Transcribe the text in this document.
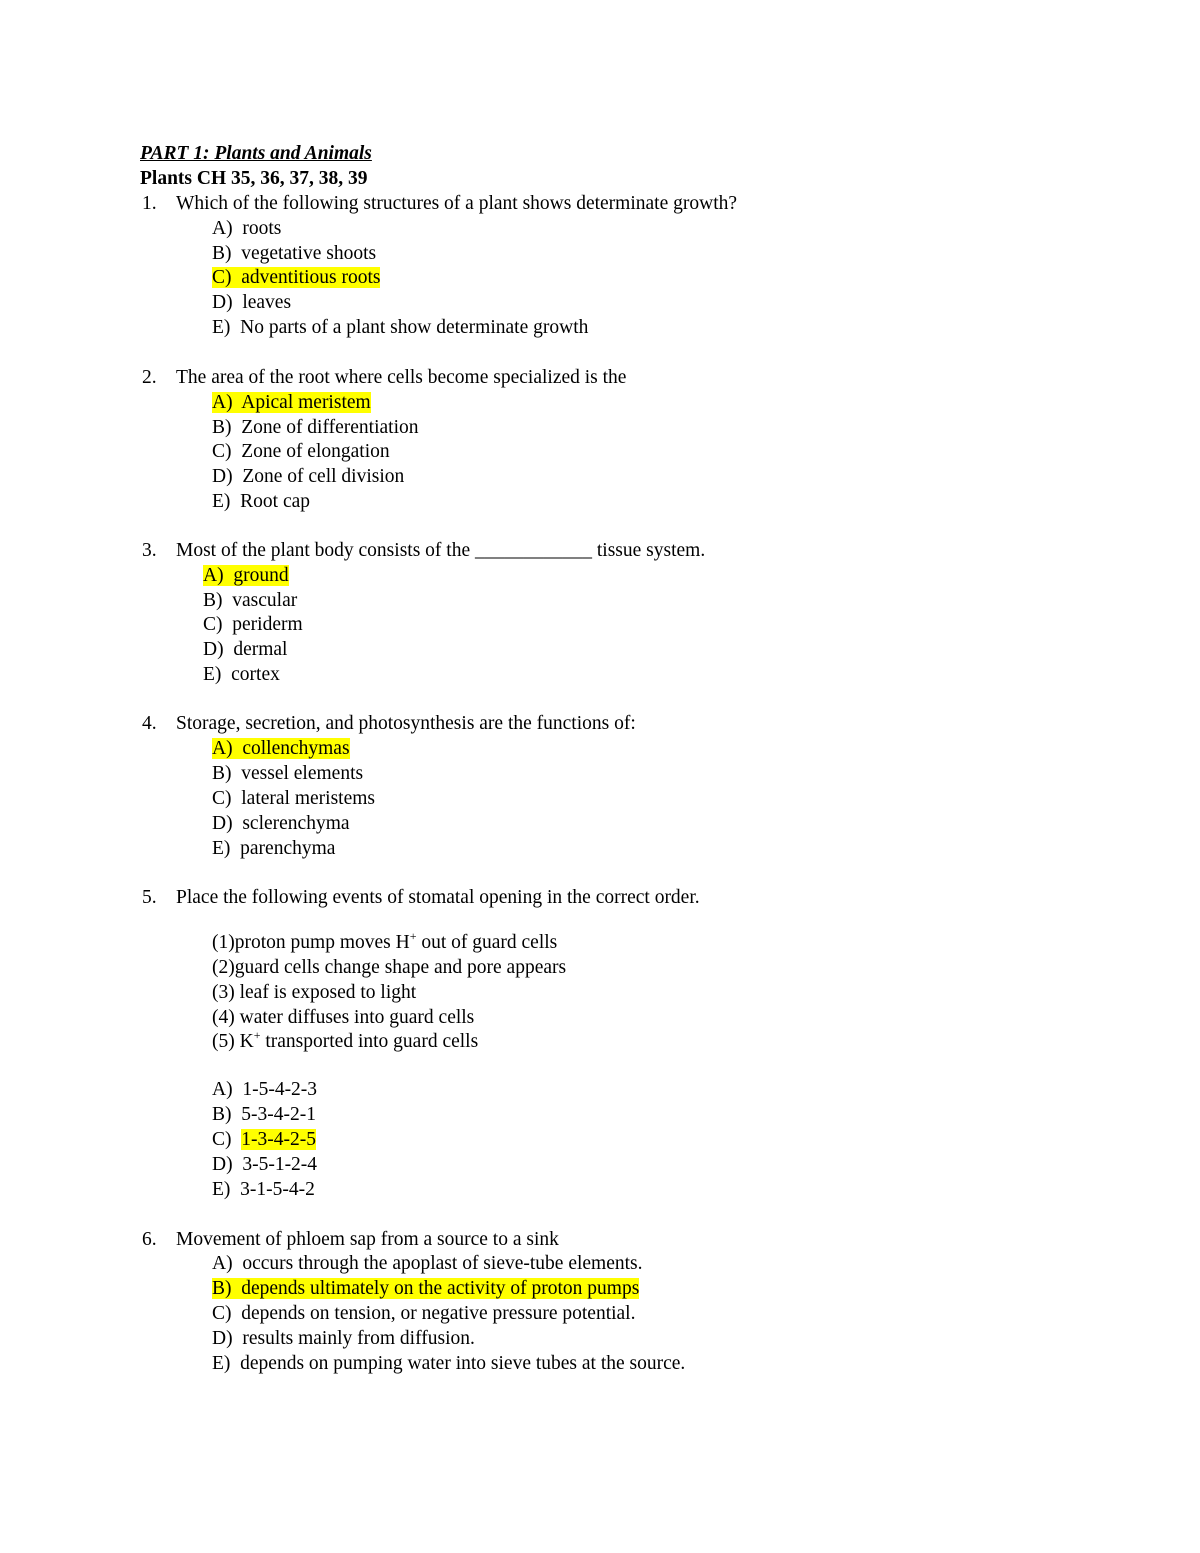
PART 1: Plants and Animals
Plants CH 35, 36, 37, 38, 39
1. Which of the following structures of a plant shows determinate growth?
A) roots
B) vegetative shoots
C) adventitious roots
D) leaves
E) No parts of a plant show determinate growth
2. The area of the root where cells become specialized is the
A) Apical meristem
B) Zone of differentiation
C) Zone of elongation
D) Zone of cell division
E) Root cap
3. Most of the plant body consists of the ____________ tissue system.
A) ground
B) vascular
C) periderm
D) dermal
E) cortex
4. Storage, secretion, and photosynthesis are the functions of:
A) collenchymas
B) vessel elements
C) lateral meristems
D) sclerenchyma
E) parenchyma
5. Place the following events of stomatal opening in the correct order.
(1)proton pump moves H+ out of guard cells
(2)guard cells change shape and pore appears
(3) leaf is exposed to light
(4) water diffuses into guard cells
(5) K+ transported into guard cells
A) 1-5-4-2-3
B) 5-3-4-2-1
C) 1-3-4-2-5
D) 3-5-1-2-4
E) 3-1-5-4-2
6. Movement of phloem sap from a source to a sink
A) occurs through the apoplast of sieve-tube elements.
B) depends ultimately on the activity of proton pumps
C) depends on tension, or negative pressure potential.
D) results mainly from diffusion.
E) depends on pumping water into sieve tubes at the source.
